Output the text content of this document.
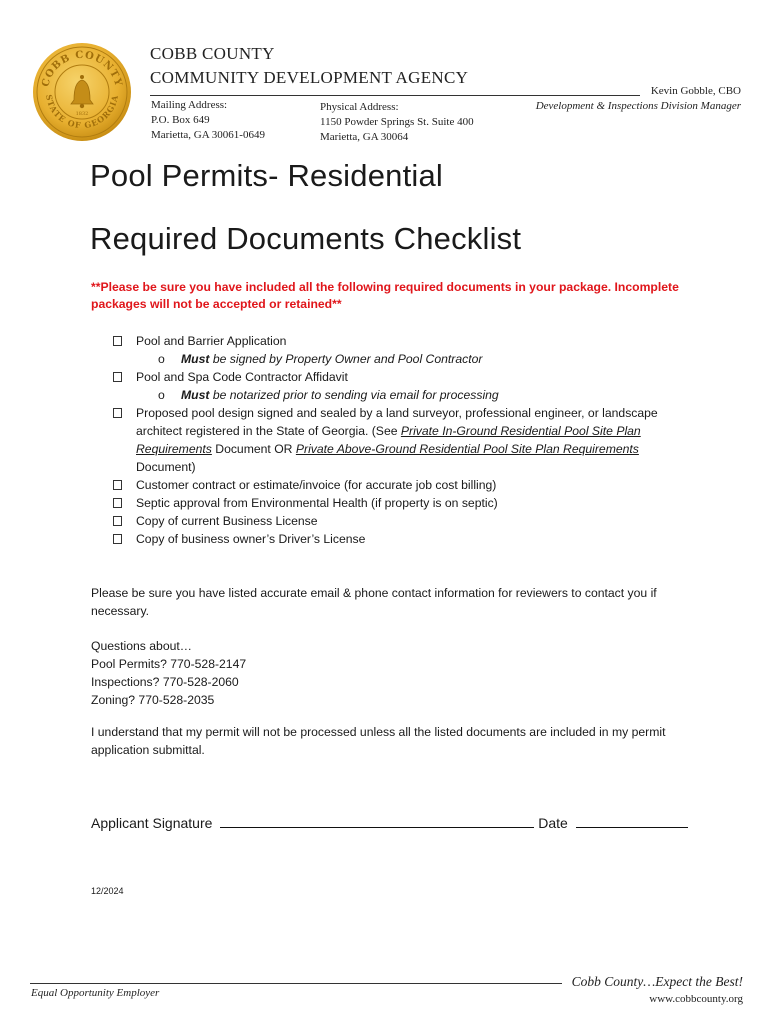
COBB COUNTY
STATE OF GEORGIA
1832
COBB COUNTY
COMMUNITY DEVELOPMENT AGENCY
Mailing Address:
P.O. Box 649
Marietta, GA 30061-0649
Physical Address:
1150 Powder Springs St. Suite 400
Marietta, GA 30064
Kevin Gobble, CBO
Development & Inspections Division Manager
Pool Permits- Residential
Required Documents Checklist
**Please be sure you have included all the following required documents in your package. Incomplete packages will not be accepted or retained**
Pool and Barrier Application
o Must be signed by Property Owner and Pool Contractor
Pool and Spa Code Contractor Affidavit
o Must be notarized prior to sending via email for processing
Proposed pool design signed and sealed by a land surveyor, professional engineer, or landscape architect registered in the State of Georgia. (See Private In-Ground Residential Pool Site Plan Requirements Document OR Private Above-Ground Residential Pool Site Plan Requirements Document)
Customer contract or estimate/invoice (for accurate job cost billing)
Septic approval from Environmental Health (if property is on septic)
Copy of current Business License
Copy of business owner’s Driver’s License
Please be sure you have listed accurate email & phone contact information for reviewers to contact you if necessary.
Questions about…
Pool Permits? 770-528-2147
Inspections? 770-528-2060
Zoning? 770-528-2035
I understand that my permit will not be processed unless all the listed documents are included in my permit application submittal.
Applicant Signature	Date
12/2024
Equal Opportunity Employer
Cobb County…Expect the Best!
www.cobbcounty.org
